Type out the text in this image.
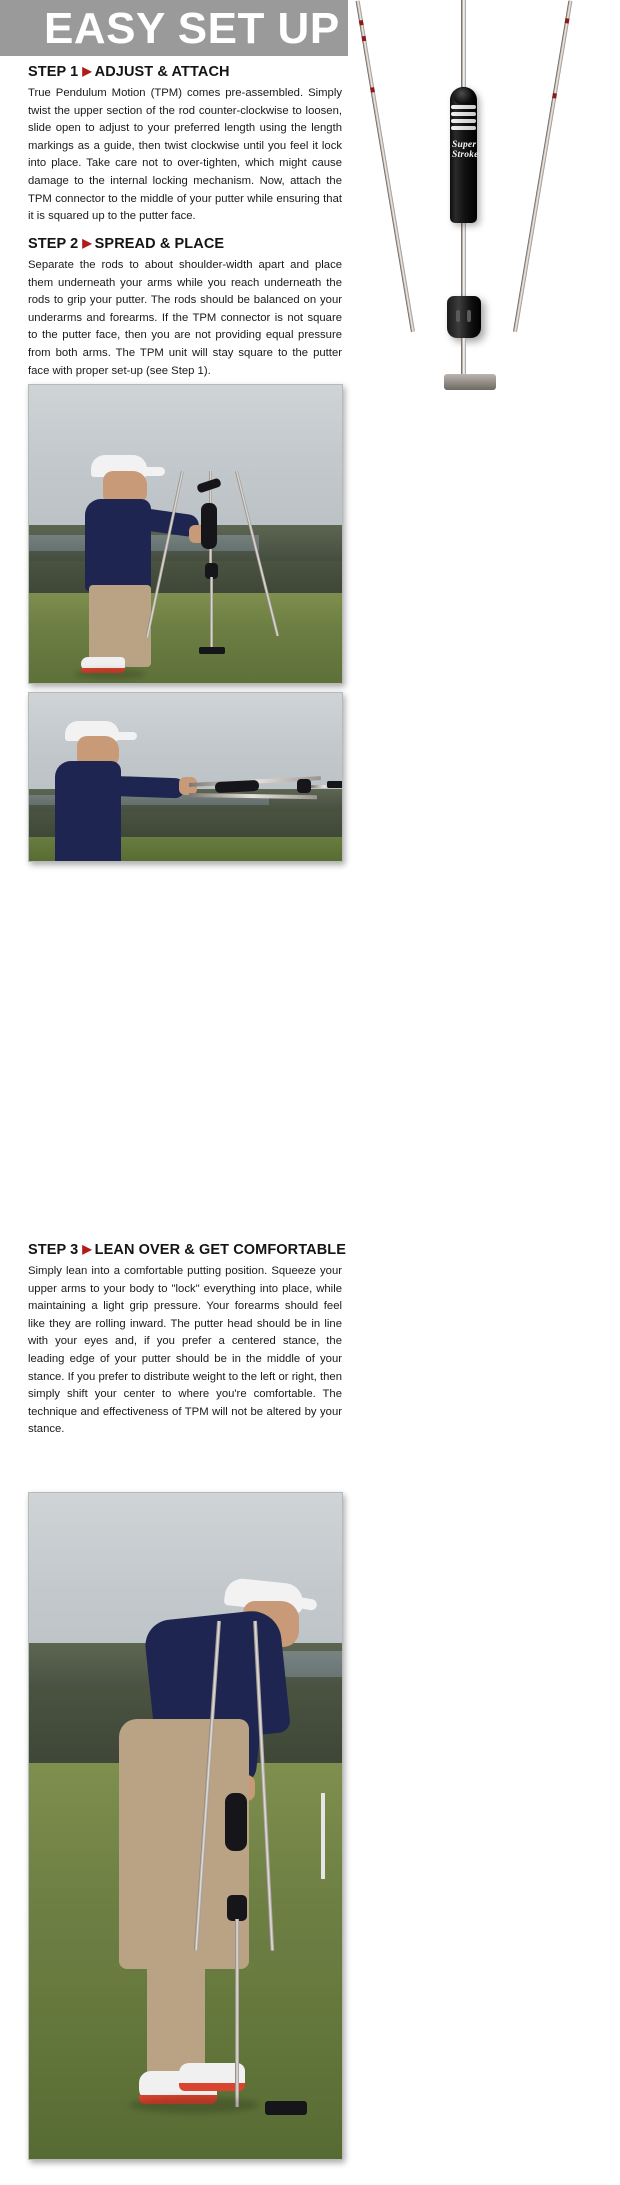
EASY SET UP
Super Stroke
STEP 1 ▶ ADJUST & ATTACH
True Pendulum Motion (TPM) comes pre-assembled. Simply twist the upper section of the rod counter-clockwise to loosen, slide open to adjust to your preferred length using the length markings as a guide, then twist clockwise until you feel it lock into place. Take care not to over-tighten, which might cause damage to the internal locking mechanism. Now, attach the TPM connector to the middle of your putter while ensuring that it is squared up to the putter face.
STEP 2 ▶ SPREAD & PLACE
Separate the rods to about shoulder-width apart and place them underneath your arms while you reach underneath the rods to grip your putter. The rods should be balanced on your underarms and forearms. If the TPM connector is not square to the putter face, then you are not providing equal pressure from both arms. The TPM unit will stay square to the putter face with proper set-up (see Step 1).
STEP 3 ▶ LEAN OVER & GET COMFORTABLE
Simply lean into a comfortable putting position. Squeeze your upper arms to your body to "lock" everything into place, while maintaining a light grip pressure. Your forearms should feel like they are rolling inward. The putter head should be in line with your eyes and, if you prefer a centered stance, the leading edge of your putter should be in the middle of your stance. If you prefer to distribute weight to the left or right, then simply shift your center to where you're comfortable. The technique and effectiveness of TPM will not be altered by your stance.
